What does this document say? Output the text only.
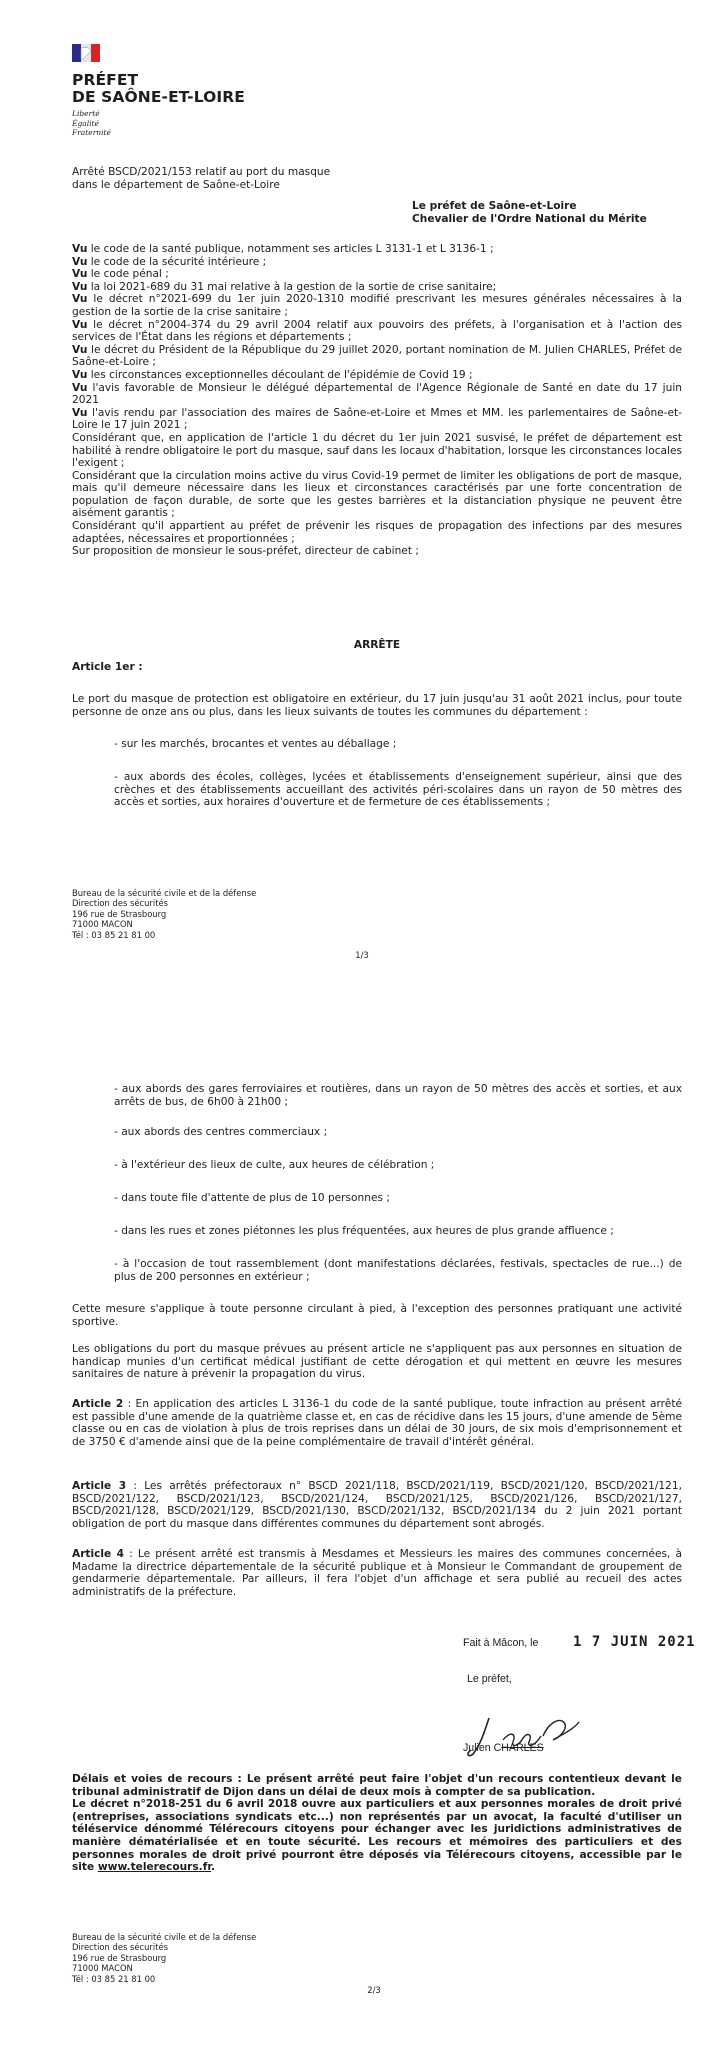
PRÉFET
DE SAÔNE-ET-LOIRE
Liberté
Égalité
Fraternité
Arrêté BSCD/2021/153 relatif au port du masque
dans le département de Saône-et-Loire
Le préfet de Saône-et-Loire
Chevalier de l'Ordre National du Mérite

Vu le code de la santé publique, notamment ses articles L 3131-1 et L 3136-1 ;

Vu le code de la sécurité intérieure ;

Vu le code pénal ;

Vu la loi 2021-689 du 31 mai relative à la gestion de la sortie de crise sanitaire;

Vu le décret n°2021-699 du 1er juin 2020-1310 modifié prescrivant les mesures générales nécessaires à la gestion de la sortie de la crise sanitaire ;

Vu le décret n°2004-374 du 29 avril 2004 relatif aux pouvoirs des préfets, à l'organisation et à l'action des services de l'État dans les régions et départements ;

Vu le décret du Président de la République du 29 juillet 2020, portant nomination de M. Julien CHARLES, Préfet de Saône-et-Loire ;

Vu les circonstances exceptionnelles découlant de l'épidémie de Covid 19 ;

Vu l'avis favorable de Monsieur le délégué départemental de l'Agence Régionale de Santé en date du 17 juin 2021

Vu l'avis rendu par l'association des maires de Saône-et-Loire et Mmes et MM. les parlementaires de Saône-et-Loire le 17 juin 2021 ;

Considérant que, en application de l'article 1 du décret du 1er juin 2021 susvisé, le préfet de département est habilité à rendre obligatoire le port du masque, sauf dans les locaux d'habitation, lorsque les circonstances locales l'exigent ;

Considérant que la circulation moins active du virus Covid-19 permet de limiter les obligations de port de masque, mais qu'il demeure nécessaire dans les lieux et circonstances caractérisés par une forte concentration de population de façon durable, de sorte que les gestes barrières et la distanciation physique ne peuvent être aisément garantis ;

Considérant qu'il appartient au préfet de prévenir les risques de propagation des infections par des mesures adaptées, nécessaires et proportionnées ;

Sur proposition de monsieur le sous-préfet, directeur de cabinet ;

ARRÊTE
Article 1er :
Le port du masque de protection est obligatoire en extérieur, du 17 juin jusqu'au 31 août 2021 inclus, pour toute personne de onze ans ou plus, dans les lieux suivants de toutes les communes du département :
- sur les marchés, brocantes et ventes au déballage ;
- aux abords des écoles, collèges, lycées et établissements d'enseignement supérieur, ainsi que des crèches et des établissements accueillant des activités péri-scolaires dans un rayon de 50 mètres des accès et sorties, aux horaires d'ouverture et de fermeture de ces établissements ;
Bureau de la sécurité civile et de la défense
Direction des sécurités
196 rue de Strasbourg
71000 MACON
Tél : 03 85 21 81 00
1/3
- aux abords des gares ferroviaires et routières, dans un rayon de 50 mètres des accès et sorties, et aux arrêts de bus, de 6h00 à 21h00 ;
- aux abords des centres commerciaux ;
- à l'extérieur des lieux de culte, aux heures de célébration ;
- dans toute file d'attente de plus de 10 personnes ;
- dans les rues et zones piétonnes les plus fréquentées, aux heures de plus grande affluence ;
- à l'occasion de tout rassemblement (dont manifestations déclarées, festivals, spectacles de rue...) de plus de 200 personnes en extérieur ;
Cette mesure s'applique à toute personne circulant à pied, à l'exception des personnes pratiquant une activité sportive.
Les obligations du port du masque prévues au présent article ne s'appliquent pas aux personnes en situation de handicap munies d'un certificat médical justifiant de cette dérogation et qui mettent en œuvre les mesures sanitaires de nature à prévenir la propagation du virus.
Article 2 : En application des articles L 3136-1 du code de la santé publique, toute infraction au présent arrêté est passible d'une amende de la quatrième classe et, en cas de récidive dans les 15 jours, d'une amende de 5ème classe ou en cas de violation à plus de trois reprises dans un délai de 30 jours, de six mois d'emprisonnement et de 3750 € d'amende ainsi que de la peine complémentaire de travail d'intérêt général.
Article 3 : Les arrêtés préfectoraux n° BSCD 2021/118, BSCD/2021/119, BSCD/2021/120, BSCD/2021/121, BSCD/2021/122, BSCD/2021/123, BSCD/2021/124, BSCD/2021/125, BSCD/2021/126, BSCD/2021/127, BSCD/2021/128, BSCD/2021/129, BSCD/2021/130, BSCD/2021/132, BSCD/2021/134 du 2 juin 2021 portant obligation de port du masque dans différentes communes du département sont abrogés.
Article 4 : Le présent arrêté est transmis à Mesdames et Messieurs les maires des communes concernées, à Madame la directrice départementale de la sécurité publique et à Monsieur le Commandant de groupement de gendarmerie départementale. Par ailleurs, il fera l'objet d'un affichage et sera publié au recueil des actes administratifs de la préfecture.
Fait à Mâcon, le 1 7 JUIN 2021
Le préfet,
Julien CHARLES
Délais et voies de recours : Le présent arrêté peut faire l'objet d'un recours contentieux devant le tribunal administratif de Dijon dans un délai de deux mois à compter de sa publication.
Le décret n°2018-251 du 6 avril 2018 ouvre aux particuliers et aux personnes morales de droit privé (entreprises, associations syndicats etc...) non représentés par un avocat, la faculté d'utiliser un téléservice dénommé Télérecours citoyens pour échanger avec les juridictions administratives de manière dématérialisée et en toute sécurité. Les recours et mémoires des particuliers et des personnes morales de droit privé pourront être déposés via Télérecours citoyens, accessible par le site www.telerecours.fr.
Bureau de la sécurité civile et de la défense
Direction des sécurités
196 rue de Strasbourg
71000 MACON
Tél : 03 85 21 81 00
2/3
